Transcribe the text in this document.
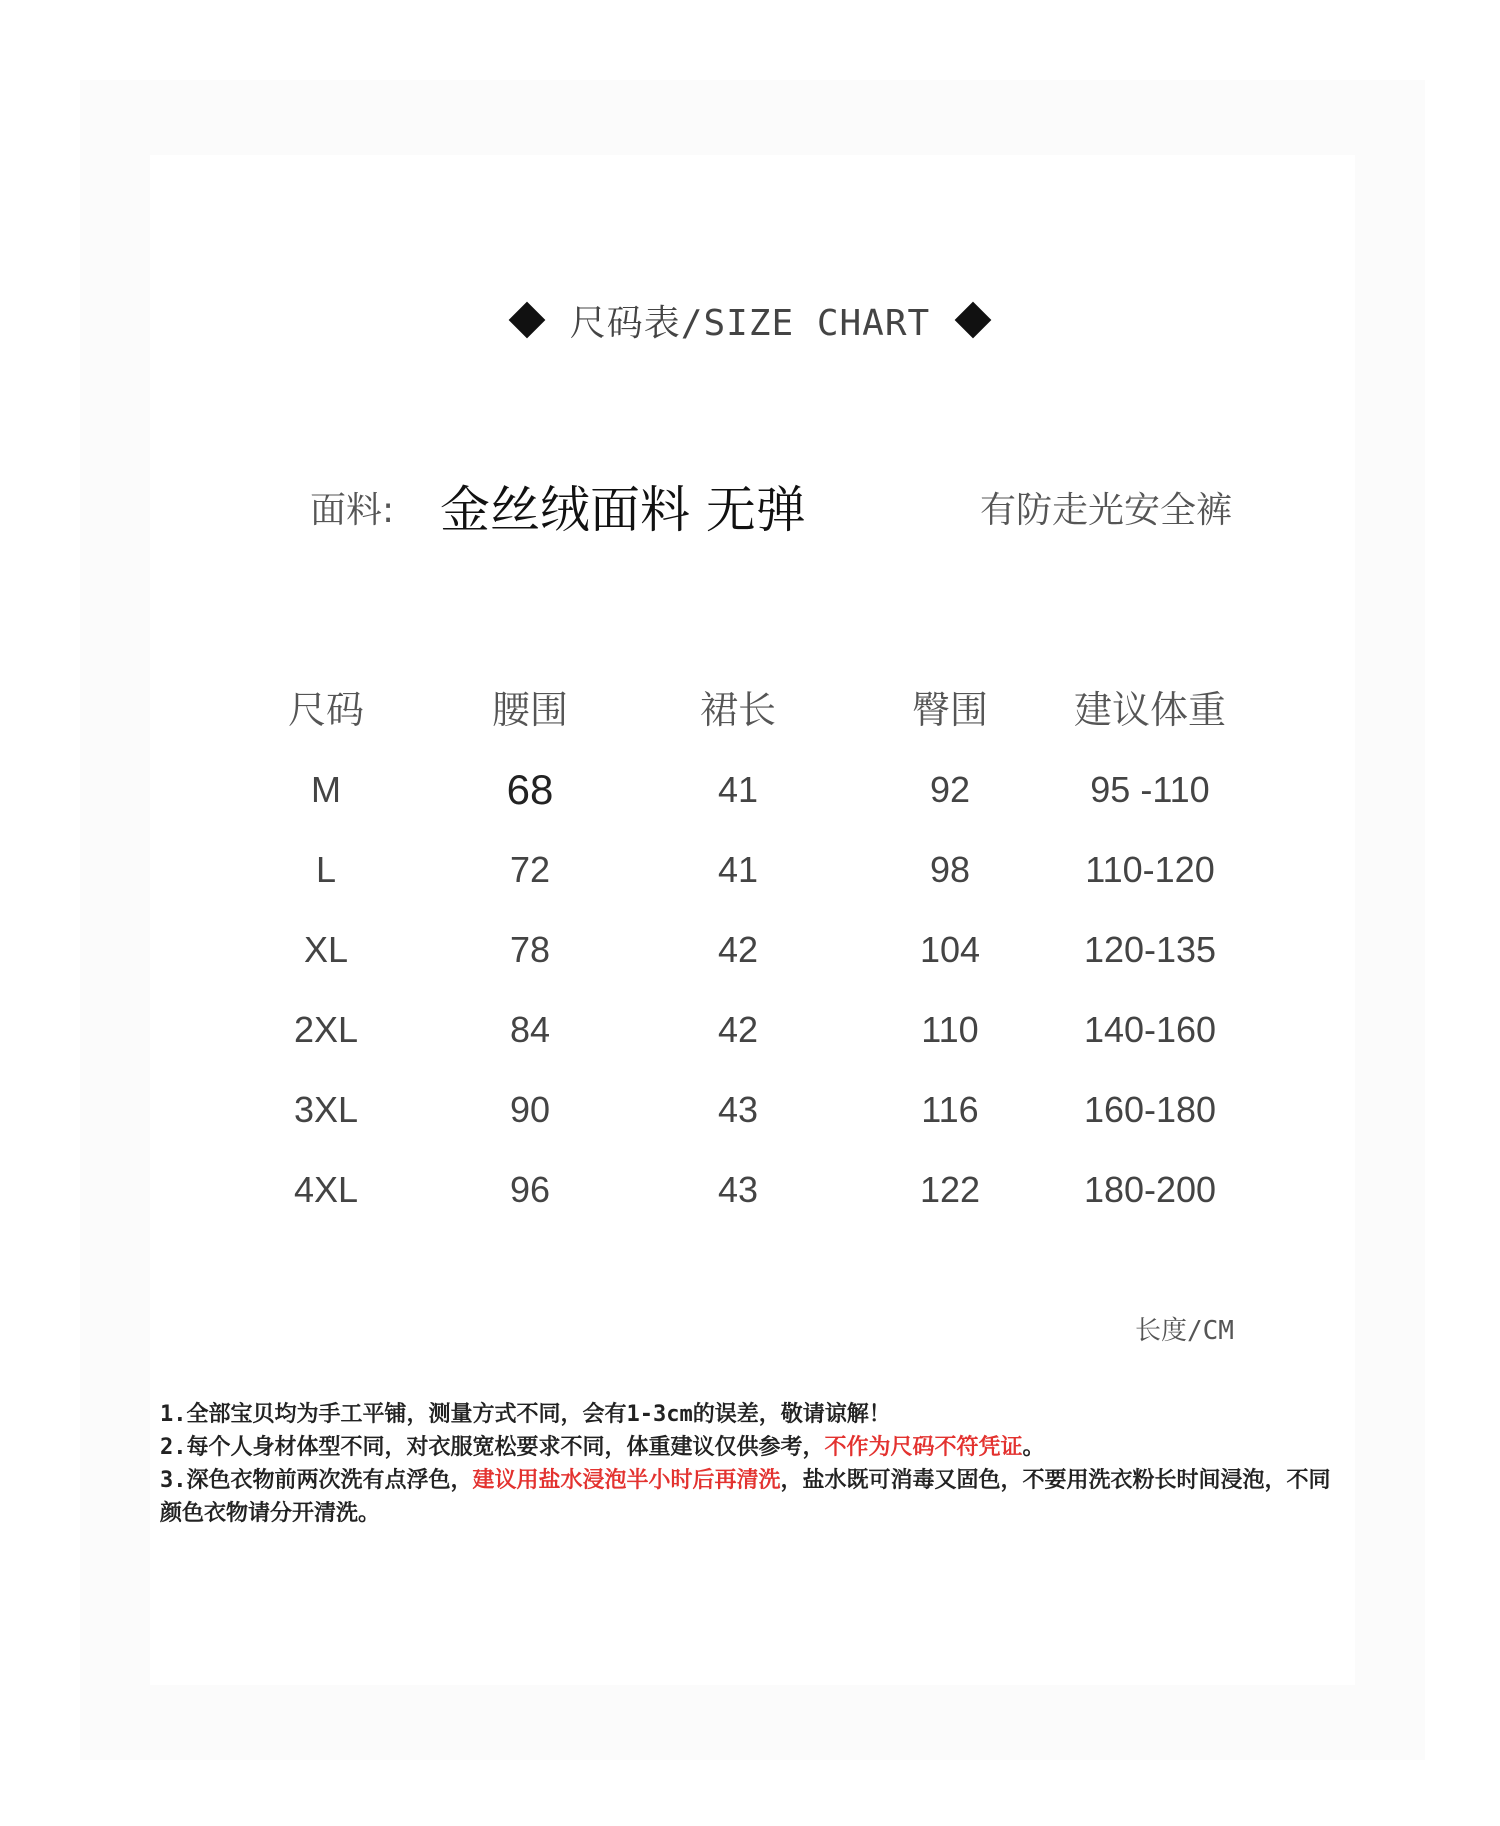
尺码表/SIZE CHART
面料: 金丝绒面料 无弹	有防走光安全裤
尺码	腰围	裙长	臀围	建议体重
M	68	41	92	95 -110
L	72	41	98	110-120
XL	78	42	104	120-135
2XL	84	42	110	140-160
3XL	90	43	116	160-180
4XL	96	43	122	180-200
长度/CM

1.全部宝贝均为手工平铺，测量方式不同，会有1-3cm的误差，敬请谅解！

2.每个人身材体型不同，对衣服宽松要求不同，体重建议仅供参考，不作为尺码不符凭证。

3.深色衣物前两次洗有点浮色，建议用盐水浸泡半小时后再清洗，盐水既可消毒又固色，不要用洗衣粉长时间浸泡，不同颜色衣物请分开清洗。
